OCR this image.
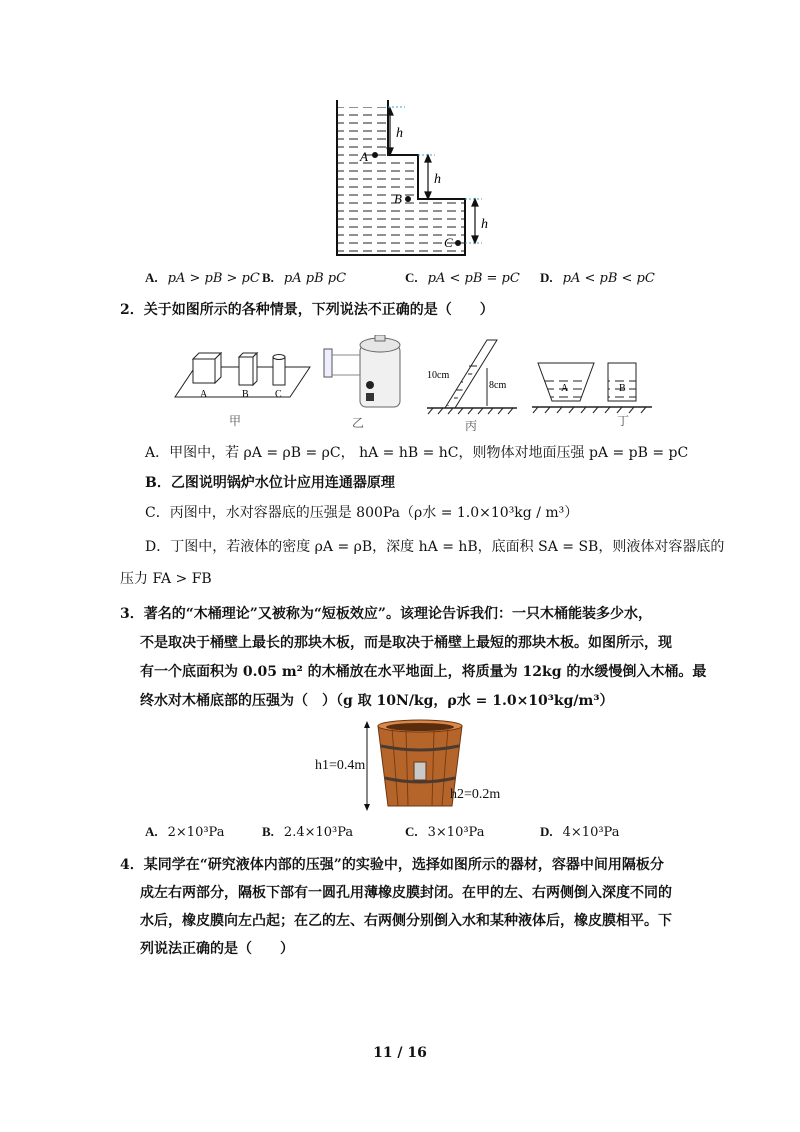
h
h
h
A
B
C
A. pA > pB > pC B. pA pB pC	C. pA < pB = pC D. pA < pB < pC
2．关于如图所示的各种情景，下列说法不正确的是（　　）
A	B	C
甲	乙
10cm
8cm
丙
A	B
丁
A．甲图中，若 ρA = ρB = ρC， hA = hB = hC，则物体对地面压强 pA = pB = pC
B．乙图说明锅炉水位计应用连通器原理
C．丙图中，水对容器底的压强是 800Pa（ρ水 = 1.0×10³kg / m³）
D．丁图中，若液体的密度 ρA = ρB，深度 hA = hB，底面积 SA = SB，则液体对容器底的
压力 FA > FB
3．著名的“木桶理论”又被称为“短板效应”。该理论告诉我们：一只木桶能装多少水，
不是取决于桶壁上最长的那块木板，而是取决于桶壁上最短的那块木板。如图所示，现
有一个底面积为 0.05 m² 的木桶放在水平地面上，将质量为 12kg 的水缓慢倒入木桶。最
终水对木桶底部的压强为（　）（g 取 10N/kg，ρ水 = 1.0×10³kg/m³）
h1=0.4m
h2=0.2m
A. 2×10³Pa	B. 2.4×10³Pa	C. 3×10³Pa	D. 4×10³Pa
4．某同学在“研究液体内部的压强”的实验中，选择如图所示的器材，容器中间用隔板分
成左右两部分，隔板下部有一圆孔用薄橡皮膜封闭。在甲的左、右两侧倒入深度不同的
水后，橡皮膜向左凸起；在乙的左、右两侧分别倒入水和某种液体后，橡皮膜相平。下
列说法正确的是（　　）
11 / 16
